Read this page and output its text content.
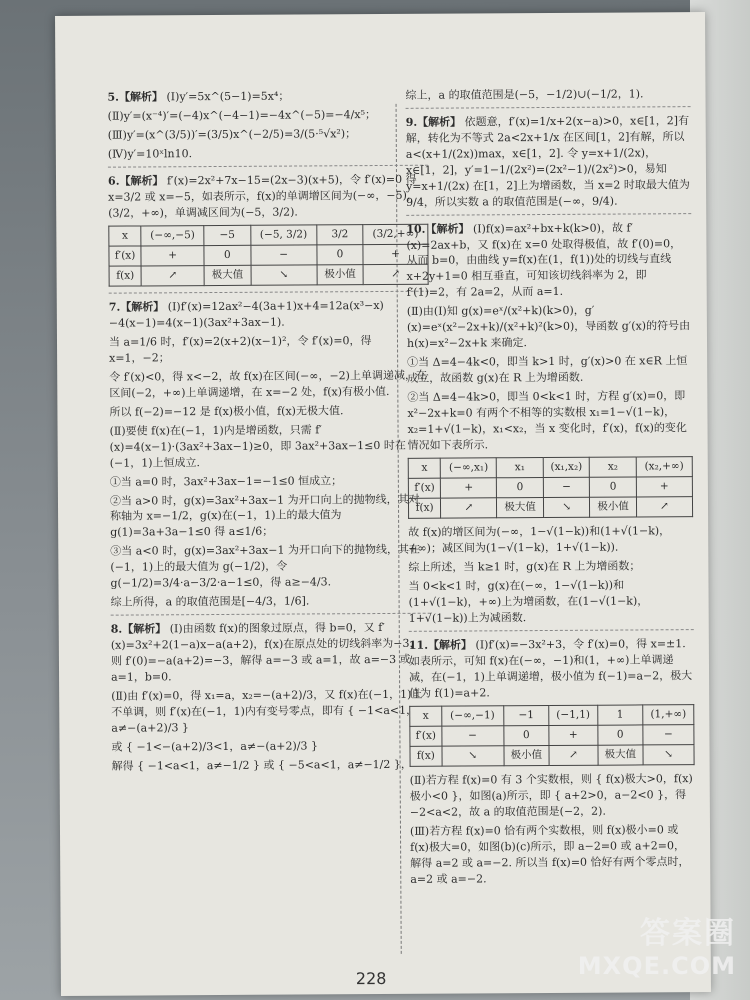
5.【解析】 (Ⅰ)y′=5x^(5−1)=5x⁴；

(Ⅱ)y′=(x⁻⁴)′=(−4)x^(−4−1)=−4x^(−5)=−4/x⁵；

(Ⅲ)y′=(x^(3/5))′=(3/5)x^(−2/5)=3/(5·⁵√x²)；

(Ⅳ)y′=10ˣln10.

6.【解析】 f′(x)=2x²+7x−15=(2x−3)(x+5)，令 f′(x)=0 得 x=3/2 或 x=−5，如表所示，f(x)的单调增区间为(−∞，−5)，(3/2，+∞)，单调减区间为(−5，3/2).

x	(−∞,−5)	−5	(−5, 3/2)	3/2	(3/2,+∞)
f′(x)	+	0	−	0	+
f(x)	↗	极大值	↘	极小值	↗

7.【解析】 (Ⅰ)f′(x)=12ax²−4(3a+1)x+4=12a(x³−x)−4(x−1)=4(x−1)(3ax²+3ax−1).

当 a=1/6 时，f′(x)=2(x+2)(x−1)²，令 f′(x)=0，得 x=1，−2；

令 f′(x)<0，得 x<−2，故 f(x)在区间(−∞，−2)上单调递减，在区间(−2，+∞)上单调递增，在 x=−2 处，f(x)有极小值.

所以 f(−2)=−12 是 f(x)极小值，f(x)无极大值.

(Ⅱ)要使 f(x)在(−1，1)内是增函数，只需 f′(x)=4(x−1)·(3ax²+3ax−1)≥0，即 3ax²+3ax−1≤0 时在(−1，1)上恒成立.

①当 a=0 时，3ax²+3ax−1=−1≤0 恒成立；

②当 a>0 时，g(x)=3ax²+3ax−1 为开口向上的抛物线，其对称轴为 x=−1/2，g(x)在(−1，1)上的最大值为 g(1)=3a+3a−1≤0 得 a≤1/6；

③当 a<0 时，g(x)=3ax²+3ax−1 为开口向下的抛物线，其在(−1，1)上的最大值为 g(−1/2)，令 g(−1/2)=3/4·a−3/2·a−1≤0，得 a≥−4/3.

综上所得，a 的取值范围是[−4/3，1/6].

8.【解析】 (Ⅰ)由函数 f(x)的图象过原点，得 b=0，又 f′(x)=3x²+2(1−a)x−a(a+2)，f(x)在原点处的切线斜率为−3，则 f′(0)=−a(a+2)=−3，解得 a=−3 或 a=1，故 a=−3 或 a=1，b=0.

(Ⅱ)由 f′(x)=0，得 x₁=a，x₂=−(a+2)/3，又 f(x)在(−1，1)上不单调，则 f′(x)在(−1，1)内有变号零点，即有 { −1<a<1，a≠−(a+2)/3 }

或 { −1<−(a+2)/3<1，a≠−(a+2)/3 }

解得 { −1<a<1，a≠−1/2 } 或 { −5<a<1，a≠−1/2 }，

综上，a 的取值范围是(−5，−1/2)∪(−1/2，1).

9.【解析】 依题意，f′(x)=1/x+2(x−a)>0，x∈[1，2]有解，转化为不等式 2a<2x+1/x 在区间[1，2]有解，所以 a<(x+1/(2x))max，x∈[1，2]. 令 y=x+1/(2x)，x∈[1，2]，y′=1−1/(2x²)=(2x²−1)/(2x²)>0，易知 y=x+1/(2x) 在[1，2]上为增函数，当 x=2 时取最大值为 9/4，所以实数 a 的取值范围是(−∞，9/4).

10.【解析】 (Ⅰ)f(x)=ax²+bx+k(k>0)，故 f′(x)=2ax+b，又 f(x)在 x=0 处取得极值，故 f′(0)=0，从而 b=0，由曲线 y=f(x)在(1，f(1))处的切线与直线 x+2y+1=0 相互垂直，可知该切线斜率为 2，即 f′(1)=2，有 2a=2，从而 a=1.

(Ⅱ)由(Ⅰ)知 g(x)=eˣ/(x²+k)(k>0)，g′(x)=eˣ(x²−2x+k)/(x²+k)²(k>0)，导函数 g′(x)的符号由 h(x)=x²−2x+k 来确定.

①当 Δ=4−4k<0，即当 k>1 时，g′(x)>0 在 x∈R 上恒成立，故函数 g(x)在 R 上为增函数.

②当 Δ=4−4k>0，即当 0<k<1 时，方程 g′(x)=0，即 x²−2x+k=0 有两个不相等的实数根 x₁=1−√(1−k)，x₂=1+√(1−k)，x₁<x₂，当 x 变化时，f′(x)，f(x)的变化情况如下表所示.

x	(−∞,x₁)	x₁	(x₁,x₂)	x₂	(x₂,+∞)
f′(x)	+	0	−	0	+
f(x)	↗	极大值	↘	极小值	↗

故 f(x)的增区间为(−∞，1−√(1−k))和(1+√(1−k)，+∞)；减区间为(1−√(1−k)，1+√(1−k)).

综上所述，当 k≥1 时，g(x)在 R 上为增函数；

当 0<k<1 时，g(x)在(−∞，1−√(1−k))和(1+√(1−k)，+∞)上为增函数，在(1−√(1−k)，1+√(1−k))上为减函数.

11.【解析】 (Ⅰ)f′(x)=−3x²+3，令 f′(x)=0，得 x=±1. 如表所示，可知 f(x)在(−∞，−1)和(1，+∞)上单调递减，在(−1，1)上单调递增，极小值为 f(−1)=a−2，极大值为 f(1)=a+2.

x	(−∞,−1)	−1	(−1,1)	1	(1,+∞)
f′(x)	−	0	+	0	−
f(x)	↘	极小值	↗	极大值	↘

(Ⅱ)若方程 f(x)=0 有 3 个实数根，则 { f(x)极大>0，f(x)极小<0 }，如图(a)所示，即 { a+2>0，a−2<0 }，得−2<a<2，故 a 的取值范围是(−2，2).

(Ⅲ)若方程 f(x)=0 恰有两个实数根，则 f(x)极小=0 或 f(x)极大=0，如图(b)(c)所示，即 a−2=0 或 a+2=0，解得 a=2 或 a=−2. 所以当 f(x)=0 恰好有两个零点时，a=2 或 a=−2.

228
答案圈
MXQE.COM
